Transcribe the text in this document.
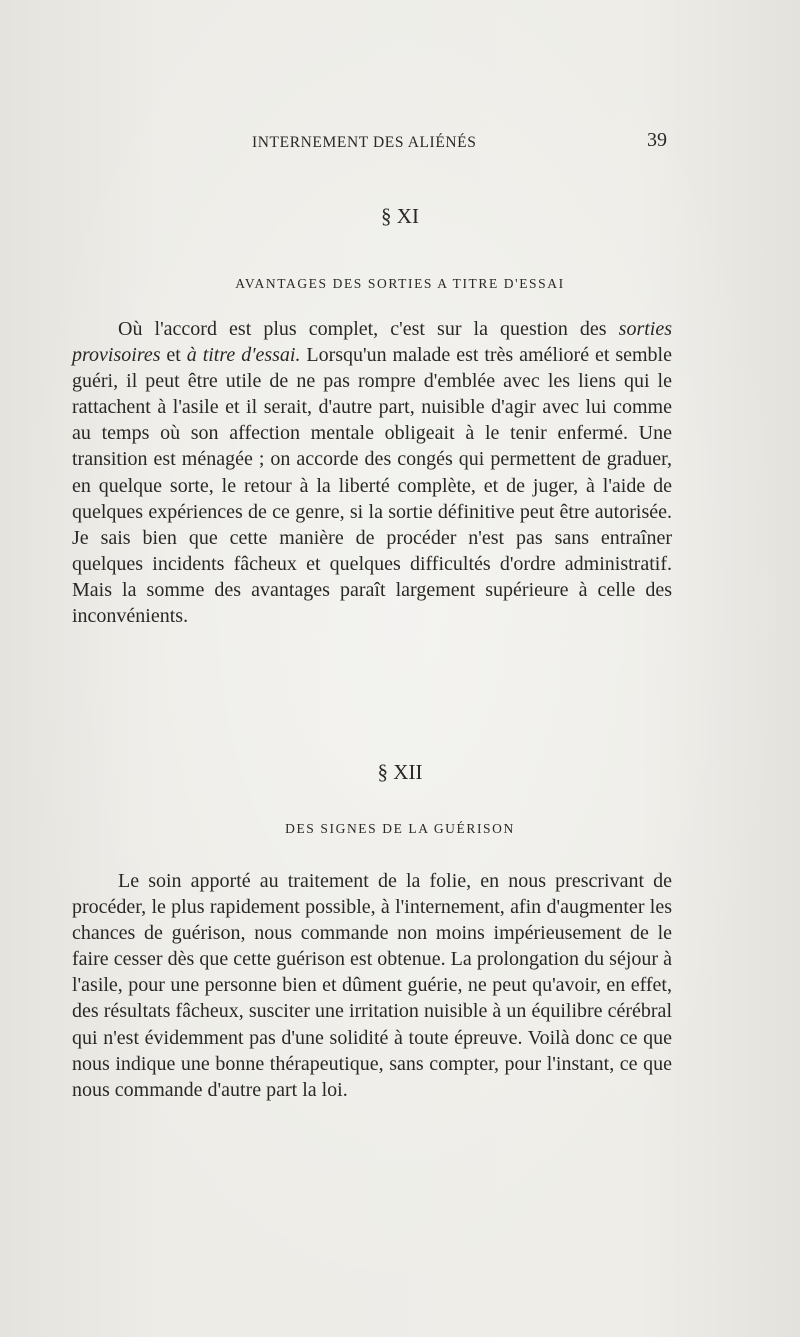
INTERNEMENT DES ALIÉNÉS	39
§ XI
AVANTAGES DES SORTIES A TITRE D'ESSAI

Où l'accord est plus complet, c'est sur la question des sorties provisoires et à titre d'essai. Lorsqu'un malade est très amélioré et semble guéri, il peut être utile de ne pas rompre d'emblée avec les liens qui le rattachent à l'asile et il serait, d'autre part, nuisible d'agir avec lui comme au temps où son affection mentale obligeait à le tenir enfermé. Une transition est ménagée ; on accorde des congés qui permettent de graduer, en quelque sorte, le retour à la liberté complète, et de juger, à l'aide de quelques expériences de ce genre, si la sortie définitive peut être autorisée. Je sais bien que cette manière de procéder n'est pas sans entraîner quelques incidents fâcheux et quelques difficultés d'ordre administratif. Mais la somme des avantages paraît largement supérieure à celle des inconvénients.

§ XII
DES SIGNES DE LA GUÉRISON

Le soin apporté au traitement de la folie, en nous prescrivant de procéder, le plus rapidement possible, à l'internement, afin d'augmenter les chances de guérison, nous commande non moins impérieusement de le faire cesser dès que cette guérison est obtenue. La prolongation du séjour à l'asile, pour une personne bien et dûment guérie, ne peut qu'avoir, en effet, des résultats fâcheux, susciter une irritation nuisible à un équilibre cérébral qui n'est évidemment pas d'une solidité à toute épreuve. Voilà donc ce que nous indique une bonne thérapeutique, sans compter, pour l'instant, ce que nous commande d'autre part la loi.
